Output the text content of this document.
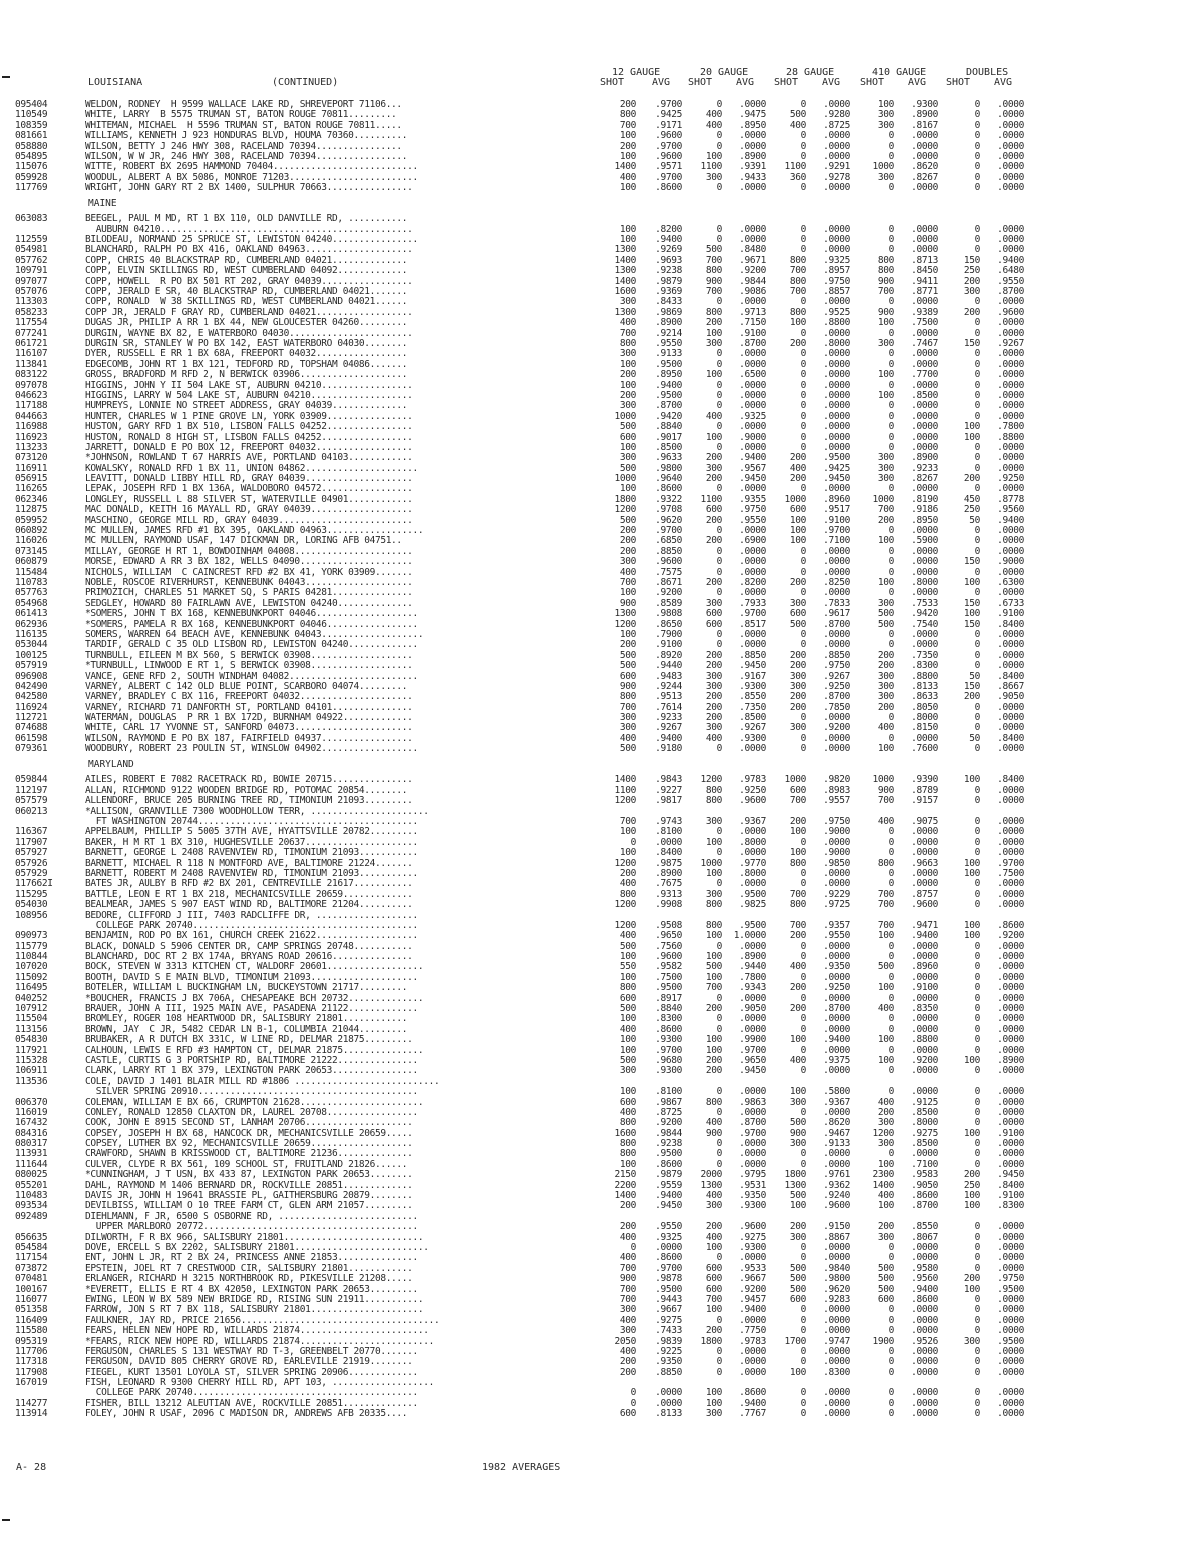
LOUISIANA	(CONTINUED)
12 GAUGE	20 GAUGE	28 GAUGE	410 GAUGE	DOUBLES
SHOT	AVG SHOT AVG SHOT AVG SHOT AVG SHOT AVG
095404	WELDON, RODNEY  H 9599 WALLACE LAKE RD, SHREVEPORT 71106...	200	.9700	0	.0000	0	.0000	100	.9300	0	.0000
110549	WHITE, LARRY  B 5575 TRUMAN ST, BATON ROUGE 70811.........	800	.9425	400	.9475	500	.9280	300	.8900	0	.0000
108359	WHITEMAN, MICHAEL  H 5596 TRUMAN ST, BATON ROUGE 70811.....	700	.9171	400	.8950	400	.8725	300	.8167	0	.0000
081661	WILLIAMS, KENNETH J 923 HONDURAS BLVD, HOUMA 70360..........	100	.9600	0	.0000	0	.0000	0	.0000	0	.0000
058880	WILSON, BETTY J 246 HWY 308, RACELAND 70394................	200	.9700	0	.0000	0	.0000	0	.0000	0	.0000
054895	WILSON, W W JR, 246 HWY 308, RACELAND 70394.................	100	.9600	100	.8900	0	.0000	0	.0000	0	.0000
115076	WITTE, ROBERT BX 2695 HAMMOND 70404...........................	1400	.9571	1100	.9391	1100	.9291	1000	.8620	0	.0000
059928	WOODUL, ALBERT A BX 5086, MONROE 71203........................	400	.9700	300	.9433	360	.9278	300	.8267	0	.0000
117769	WRIGHT, JOHN GARY RT 2 BX 1400, SULPHUR 70663................	100	.8600	0	.0000	0	.0000	0	.0000	0	.0000
MAINE
063083	BEEGEL, PAUL M MD, RT 1 BX 110, OLD DANVILLE RD, ...........
AUBURN 04210...............................................	100	.8200	0	.0000	0	.0000	0	.0000	0	.0000
112559	BILODEAU, NORMAND 25 SPRUCE ST, LEWISTON 04240................	100	.9400	0	.0000	0	.0000	0	.0000	0	.0000
054981	BLANCHARD, RALPH PO BX 416, OAKLAND 04963....................	1300	.9269	500	.8480	0	.0000	0	.0000	0	.0000
057762	COPP, CHRIS 40 BLACKSTRAP RD, CUMBERLAND 04021..............	1400	.9693	700	.9671	800	.9325	800	.8713	150	.9400
109791	COPP, ELVIN SKILLINGS RD, WEST CUMBERLAND 04092.............	1300	.9238	800	.9200	700	.8957	800	.8450	250	.6480
097077	COPP, HOWELL  R PO BX 501 RT 202, GRAY 04039.................	1400	.9879	900	.9844	800	.9750	900	.9411	200	.9550
057076	COPP, JERALD E SR, 40 BLACKSTRAP RD, CUMBERLAND 04021.......	1600	.9369	700	.9086	700	.8857	700	.8771	300	.8700
113303	COPP, RONALD  W 38 SKILLINGS RD, WEST CUMBERLAND 04021......	300	.8433	0	.0000	0	.0000	0	.0000	0	.0000
058233	COPP JR, JERALD F GRAY RD, CUMBERLAND 04021..................	1300	.9869	800	.9713	800	.9525	900	.9389	200	.9600
117554	DUGAS JR, PHILIP A RR 1 BX 44, NEW GLOUCESTER 04260.........	400	.8900	200	.7150	100	.8800	100	.7500	0	.0000
077241	DURGIN, WAYNE BX 82, E WATERBORO 04030.......................	700	.9214	100	.9100	0	.0000	0	.0000	0	.0000
061721	DURGIN SR, STANLEY W PO BX 142, EAST WATERBORO 04030........	800	.9550	300	.8700	200	.8000	300	.7467	150	.9267
116107	DYER, RUSSELL E RR 1 BX 68A, FREEPORT 04032.................	300	.9133	0	.0000	0	.0000	0	.0000	0	.0000
113841	EDGECOMB, JOHN RT 1 BX 121, TEDFORD RD, TOPSHAM 04086.......	100	.9500	0	.0000	0	.0000	0	.0000	0	.0000
083122	GROSS, BRADFORD M RFD 2, N BERWICK 03906....................	200	.8950	100	.6500	0	.0000	100	.7700	0	.0000
097078	HIGGINS, JOHN Y II 504 LAKE ST, AUBURN 04210.................	100	.9400	0	.0000	0	.0000	0	.0000	0	.0000
046623	HIGGINS, LARRY W 504 LAKE ST, AUBURN 04210...................	200	.9500	0	.0000	0	.0000	100	.8500	0	.0000
117188	HUMPREYS, LONNIE NO STREET ADDRESS, GRAY 04039..............	300	.8700	0	.0000	0	.0000	0	.0000	0	.0000
044663	HUNTER, CHARLES W 1 PINE GROVE LN, YORK 03909................	1000	.9420	400	.9325	0	.0000	0	.0000	0	.0000
116988	HUSTON, GARY RFD 1 BX 510, LISBON FALLS 04252................	500	.8840	0	.0000	0	.0000	0	.0000	100	.7800
116923	HUSTON, RONALD 8 HIGH ST, LISBON FALLS 04252.................	600	.9017	100	.9000	0	.0000	0	.0000	100	.8800
113233	JARRETT, DONALD E PO BOX 12, FREEPORT 04032..................	100	.8500	0	.0000	0	.0000	0	.0000	0	.0000
073120	*JOHNSON, ROWLAND T 67 HARRIS AVE, PORTLAND 04103............	300	.9633	200	.9400	200	.9500	300	.8900	0	.0000
116911	KOWALSKY, RONALD RFD 1 BX 11, UNION 04862.....................	500	.9800	300	.9567	400	.9425	300	.9233	0	.0000
056915	LEAVITT, DONALD LIBBY HILL RD, GRAY 04039....................	1000	.9640	200	.9450	200	.9450	300	.8267	200	.9250
116265	LEPAK, JOSEPH RFD 1 BX 136A, WALDOBORO 04572.................	100	.8600	0	.0000	0	.0000	0	.0000	0	.0000
062346	LONGLEY, RUSSELL L 88 SILVER ST, WATERVILLE 04901............	1800	.9322	1100	.9355	1000	.8960	1000	.8190	450	.8778
112875	MAC DONALD, KEITH 16 MAYALL RD, GRAY 04039...................	1200	.9708	600	.9750	600	.9517	700	.9186	250	.9560
059952	MASCHINO, GEORGE MILL RD, GRAY 04039.........................	500	.9620	200	.9550	100	.9100	200	.8950	50	.9400
060892	MC MULLEN, JAMES RFD #1 BX 395, OAKLAND 04963..................	200	.9700	0	.0000	100	.9700	0	.0000	0	.0000
116026	MC MULLEN, RAYMOND USAF, 147 DICKMAN DR, LORING AFB 04751..	200	.6850	200	.6900	100	.7100	100	.5900	0	.0000
073145	MILLAY, GEORGE H RT 1, BOWDOINHAM 04008......................	200	.8850	0	.0000	0	.0000	0	.0000	0	.0000
060879	MORSE, EDWARD A RR 3 BX 182, WELLS 04090.....................	300	.9600	0	.0000	0	.0000	0	.0000	150	.9000
115484	NICHOLS, WILLIAM  C CAINCREST RFD #2 BX 41, YORK 03909.......	400	.7575	0	.0000	0	.0000	0	.0000	0	.0000
110783	NOBLE, ROSCOE RIVERHURST, KENNEBUNK 04043....................	700	.8671	200	.8200	200	.8250	100	.8000	100	.6300
057763	PRIMOZICH, CHARLES 51 MARKET SQ, S PARIS 04281...............	100	.9200	0	.0000	0	.0000	0	.0000	0	.0000
054968	SEDGLEY, HOWARD 80 FAIRLAWN AVE, LEWISTON 04240..............	900	.8589	300	.7933	300	.7833	300	.7533	150	.6733
061413	*SOMERS, JOHN T BX 168, KENNEBUNKPORT 04046...................	1300	.9808	600	.9700	600	.9617	500	.9420	100	.9100
062936	*SOMERS, PAMELA R BX 168, KENNEBUNKPORT 04046.................	1200	.8650	600	.8517	500	.8700	500	.7540	150	.8400
116135	SOMERS, WARREN 64 BEACH AVE, KENNEBUNK 04043...................	100	.7900	0	.0000	0	.0000	0	.0000	0	.0000
053044	TARDIF, GERALD C 35 OLD LISBON RD, LEWISTON 04240.............	200	.9100	0	.0000	0	.0000	0	.0000	0	.0000
100125	TURNBULL, EILEEN M BX 560, S BERWICK 03908...................	500	.8920	200	.8850	200	.8850	200	.7350	0	.0000
057919	*TURNBULL, LINWOOD E RT 1, S BERWICK 03908...................	500	.9440	200	.9450	200	.9750	200	.8300	0	.0000
096908	VANCE, GENE RFD 2, SOUTH WINDHAM 04082........................	600	.9483	300	.9167	300	.9267	300	.8800	50	.8400
042490	VARNEY, ALBERT C 142 OLD BLUE POINT, SCARBORO 04074.........	900	.9244	300	.9300	300	.9250	300	.8133	150	.8667
042580	VARNEY, BRADLEY C BX 116, FREEPORT 04032.....................	800	.9513	200	.8550	200	.8700	300	.8633	200	.9050
116924	VARNEY, RICHARD 71 DANFORTH ST, PORTLAND 04101...............	700	.7614	200	.7350	200	.7850	200	.8050	0	.0000
112721	WATERMAN, DOUGLAS  P RR 1 BX 172D, BURNHAM 04922.............	300	.9233	200	.8500	0	.0000	0	.8000	0	.0000
074688	WHITE, CARL 17 YVONNE ST, SANFORD 04073......................	300	.9267	300	.9267	300	.9200	400	.8150	0	.0000
061598	WILSON, RAYMOND E PO BX 187, FAIRFIELD 04937.................	400	.9400	400	.9300	0	.0000	0	.0000	50	.8400
079361	WOODBURY, ROBERT 23 POULIN ST, WINSLOW 04902..................	500	.9180	0	.0000	0	.0000	100	.7600	0	.0000
MARYLAND
059844	AILES, ROBERT E 7082 RACETRACK RD, BOWIE 20715...............	1400	.9843	1200	.9783	1000	.9820	1000	.9390	100	.8400
112197	ALLAN, RICHMOND 9122 WOODEN BRIDGE RD, POTOMAC 20854........	1100	.9227	800	.9250	600	.8983	900	.8789	0	.0000
057579	ALLENDORF, BRUCE 205 BURNING TREE RD, TIMONIUM 21093.........	1200	.9817	800	.9600	700	.9557	700	.9157	0	.0000
060213	*ALLISON, GRANVILLE 7300 WOODHOLLOW TERR, ......................
FT WASHINGTON 20744.........................................	700	.9743	300	.9367	200	.9750	400	.9075	0	.0000
116367	APPELBAUM, PHILLIP S 5005 37TH AVE, HYATTSVILLE 20782.........	100	.8100	0	.0000	100	.9000	0	.0000	0	.0000
117907	BAKER, H M RT 1 BX 310, HUGHESVILLE 20637.....................	0	.0000	100	.8000	0	.0000	0	.0000	0	.0000
057927	BARNETT, GEORGE L 2408 RAVENVIEW RD, TIMONIUM 21093...........	100	.8400	0	.0000	100	.9000	0	.0000	0	.0000
057926	BARNETT, MICHAEL R 118 N MONTFORD AVE, BALTIMORE 21224.......	1200	.9875	1000	.9770	800	.9850	800	.9663	100	.9700
057929	BARNETT, ROBERT M 2408 RAVENVIEW RD, TIMONIUM 21093...........	200	.8900	100	.8000	0	.0000	0	.0000	100	.7500
117662I	BATES JR, AULBY B RFD #2 BX 201, CENTREVILLE 21617...........	400	.7675	0	.0000	0	.0000	0	.0000	0	.0000
115295	BATTLE, LEON E RT 1 BX 218, MECHANICSVILLE 20659.............	800	.9313	300	.9500	700	.9229	700	.8757	0	.0000
054030	BEALMEAR, JAMES S 907 EAST WIND RD, BALTIMORE 21204..........	1200	.9908	800	.9825	800	.9725	700	.9600	0	.0000
108956	BEDORE, CLIFFORD J III, 7403 RADCLIFFE DR, ...................
COLLEGE PARK 20740..........................................	1200	.9508	800	.9500	700	.9357	700	.9471	100	.8600
090973	BENJAMIN, ROD PO BX 161, CHURCH CREEK 21622...................	400	.9650	100	1.0000	200	.9550	100	.9400	100	.9200
115779	BLACK, DONALD S 5906 CENTER DR, CAMP SPRINGS 20748...........	500	.7560	0	.0000	0	.0000	0	.0000	0	.0000
110844	BLANCHARD, DOC RT 2 BX 174A, BRYANS ROAD 20616...............	100	.9600	100	.8900	0	.0000	0	.0000	0	.0000
107020	BOCK, STEVEN W 3313 KITCHEN CT, WALDORF 20601..................	550	.9582	500	.9440	400	.9350	500	.8960	0	.0000
115092	BOOTH, DAVID S E MAIN BLVD, TIMONIUM 21093....................	100	.7500	100	.7800	0	.0000	0	.0000	0	.0000
116495	BOTELER, WILLIAM L BUCKINGHAM LN, BUCKEYSTOWN 21717.........	800	.9500	700	.9343	200	.9250	100	.9100	0	.0000
040252	*BOUCHER, FRANCIS J BX 706A, CHESAPEAKE BCH 20732..............	600	.8917	0	.0000	0	.0000	0	.0000	0	.0000
107912	BRAUER, JOHN A III, 1925 MAIN AVE, PASADENA 21122.............	500	.8840	200	.9050	200	.8700	400	.8350	0	.0000
115504	BROMLEY, ROGER 108 HEARTWOOD DR, SALISBURY 21801............	100	.8300	0	.0000	0	.0000	0	.0000	0	.0000
113156	BROWN, JAY  C JR, 5482 CEDAR LN B-1, COLUMBIA 21044.........	400	.8600	0	.0000	0	.0000	0	.0000	0	.0000
054830	BRUBAKER, A R DUTCH BX 331C, W LINE RD, DELMAR 21875.........	100	.9300	100	.9900	100	.9400	100	.8800	0	.0000
117921	CALHOUN, LEWIS E RFD #3 HAMPTON CT, DELMAR 21875...............	100	.9700	100	.9700	0	.0000	0	.0000	0	.0000
115328	CASTLE, CURTIS G 3 PORTSHIP RD, BALTIMORE 21222...............	500	.9680	200	.9650	400	.9375	100	.9200	100	.8900
106911	CLARK, LARRY RT 1 BX 379, LEXINGTON PARK 20653................	300	.9300	200	.9450	0	.0000	0	.0000	0	.0000
113536	COLE, DAVID J 1401 BLAIR MILL RD #1806 ...........................
SILVER SPRING 20910.........................................	100	.8100	0	.0000	100	.5800	0	.0000	0	.0000
006370	COLEMAN, WILLIAM E BX 66, CRUMPTON 21628.......................	600	.9867	800	.9863	300	.9367	400	.9125	0	.0000
116019	CONLEY, RONALD 12850 CLAXTON DR, LAUREL 20708.................	400	.8725	0	.0000	0	.0000	200	.8500	0	.0000
167432	COOK, JOHN E 8915 SECOND ST, LANHAM 20706....................	800	.9200	400	.8700	500	.8620	300	.8000	0	.0000
084316	COPSEY, JOSEPH H BX 68, HANCOCK DR, MECHANICSVILLE 20659.....	1600	.9844	900	.9700	900	.9467	1200	.9275	100	.9100
080317	COPSEY, LUTHER BX 92, MECHANICSVILLE 20659...................	800	.9238	0	.0000	300	.9133	300	.8500	0	.0000
113931	CRAWFORD, SHAWN B KRISSWOOD CT, BALTIMORE 21236..............	800	.9500	0	.0000	0	.0000	0	.0000	0	.0000
111644	CULVER, CLYDE R BX 561, 109 SCHOOL ST, FRUITLAND 21826......	100	.8600	0	.0000	0	.0000	100	.7100	0	.0000
080025	*CUNNINGHAM, J T USN, BX 433 87, LEXINGTON PARK 20653........	2150	.9879	2000	.9795	1800	.9761	2300	.9583	200	.9450
055201	DAHL, RAYMOND M 1406 BERNARD DR, ROCKVILLE 20851.............	2200	.9559	1300	.9531	1300	.9362	1400	.9050	250	.8400
110483	DAVIS JR, JOHN H 19641 BRASSIE PL, GAITHERSBURG 20879........	1400	.9400	400	.9350	500	.9240	400	.8600	100	.9100
093534	DEVILBISS, WILLIAM O 10 TREE FARM CT, GLEN ARM 21057.........	200	.9450	300	.9300	100	.9600	100	.8700	100	.8300
092489	DIEHLMANN, F JR, 6500 S OSBORNE RD, ..........................
UPPER MARLBORO 20772........................................	200	.9550	200	.9600	200	.9150	200	.8550	0	.0000
056635	DILWORTH, F R BX 966, SALISBURY 21801..........................	400	.9325	400	.9275	300	.8867	300	.8067	0	.0000
054584	DOVE, ERCELL S BX 2202, SALISBURY 21801.........................	0	.0000	100	.9300	0	.0000	0	.0000	0	.0000
117154	ENT, JOHN L JR, RT 2 BX 24, PRINCESS ANNE 21853...............	400	.8600	0	.0000	0	.0000	0	.0000	0	.0000
073872	EPSTEIN, JOEL RT 7 CRESTWOOD CIR, SALISBURY 21801............	700	.9700	600	.9533	500	.9840	500	.9580	0	.0000
070481	ERLANGER, RICHARD H 3215 NORTHBROOK RD, PIKESVILLE 21208.....	900	.9878	600	.9667	500	.9800	500	.9560	200	.9750
100167	*EVERETT, ELLIS E RT 4 BX 42050, LEXINGTON PARK 20653.........	700	.9500	600	.9200	500	.9620	500	.9400	100	.9500
116077	EWING, LEON W BX 589 NEW BRIDGE RD, RISING SUN 21911...........	700	.9443	700	.9457	600	.9283	600	.8600	0	.0000
051358	FARROW, JON S RT 7 BX 118, SALISBURY 21801.....................	300	.9667	100	.9400	0	.0000	0	.0000	0	.0000
116409	FAULKNER, JAY RD, PRICE 21656.....................................	400	.9275	0	.0000	0	.0000	0	.0000	0	.0000
115580	FEARS, HELEN NEW HOPE RD, WILLARDS 21874........................	300	.7433	200	.7750	0	.0000	0	.0000	0	.0000
095319	*FEARS, RICK NEW HOPE RD, WILLARDS 21874.........................	2050	.9839	1800	.9783	1700	.9747	1900	.9526	300	.9500
117706	FERGUSON, CHARLES S 131 WESTWAY RD T-3, GREENBELT 20770.......	400	.9225	0	.0000	0	.0000	0	.0000	0	.0000
117318	FERGUSON, DAVID 805 CHERRY GROVE RD, EARLEVILLE 21919........	200	.9350	0	.0000	0	.0000	0	.0000	0	.0000
117908	FIEGEL, KURT 13501 LOYOLA ST, SILVER SPRING 20906.............	200	.8850	0	.0000	100	.8300	0	.0000	0	.0000
167019	FISH, LEONARD R 9300 CHERRY HILL RD, APT 103, ...................
COLLEGE PARK 20740..........................................	0	.0000	100	.8600	0	.0000	0	.0000	0	.0000
114277	FISHER, BILL 13212 ALEUTIAN AVE, ROCKVILLE 20851..............	0	.0000	100	.9400	0	.0000	0	.0000	0	.0000
113914	FOLEY, JOHN R USAF, 2096 C MADISON DR, ANDREWS AFB 20335....	600	.8133	300	.7767	0	.0000	0	.0000	0	.0000
A- 28	1982 AVERAGES
